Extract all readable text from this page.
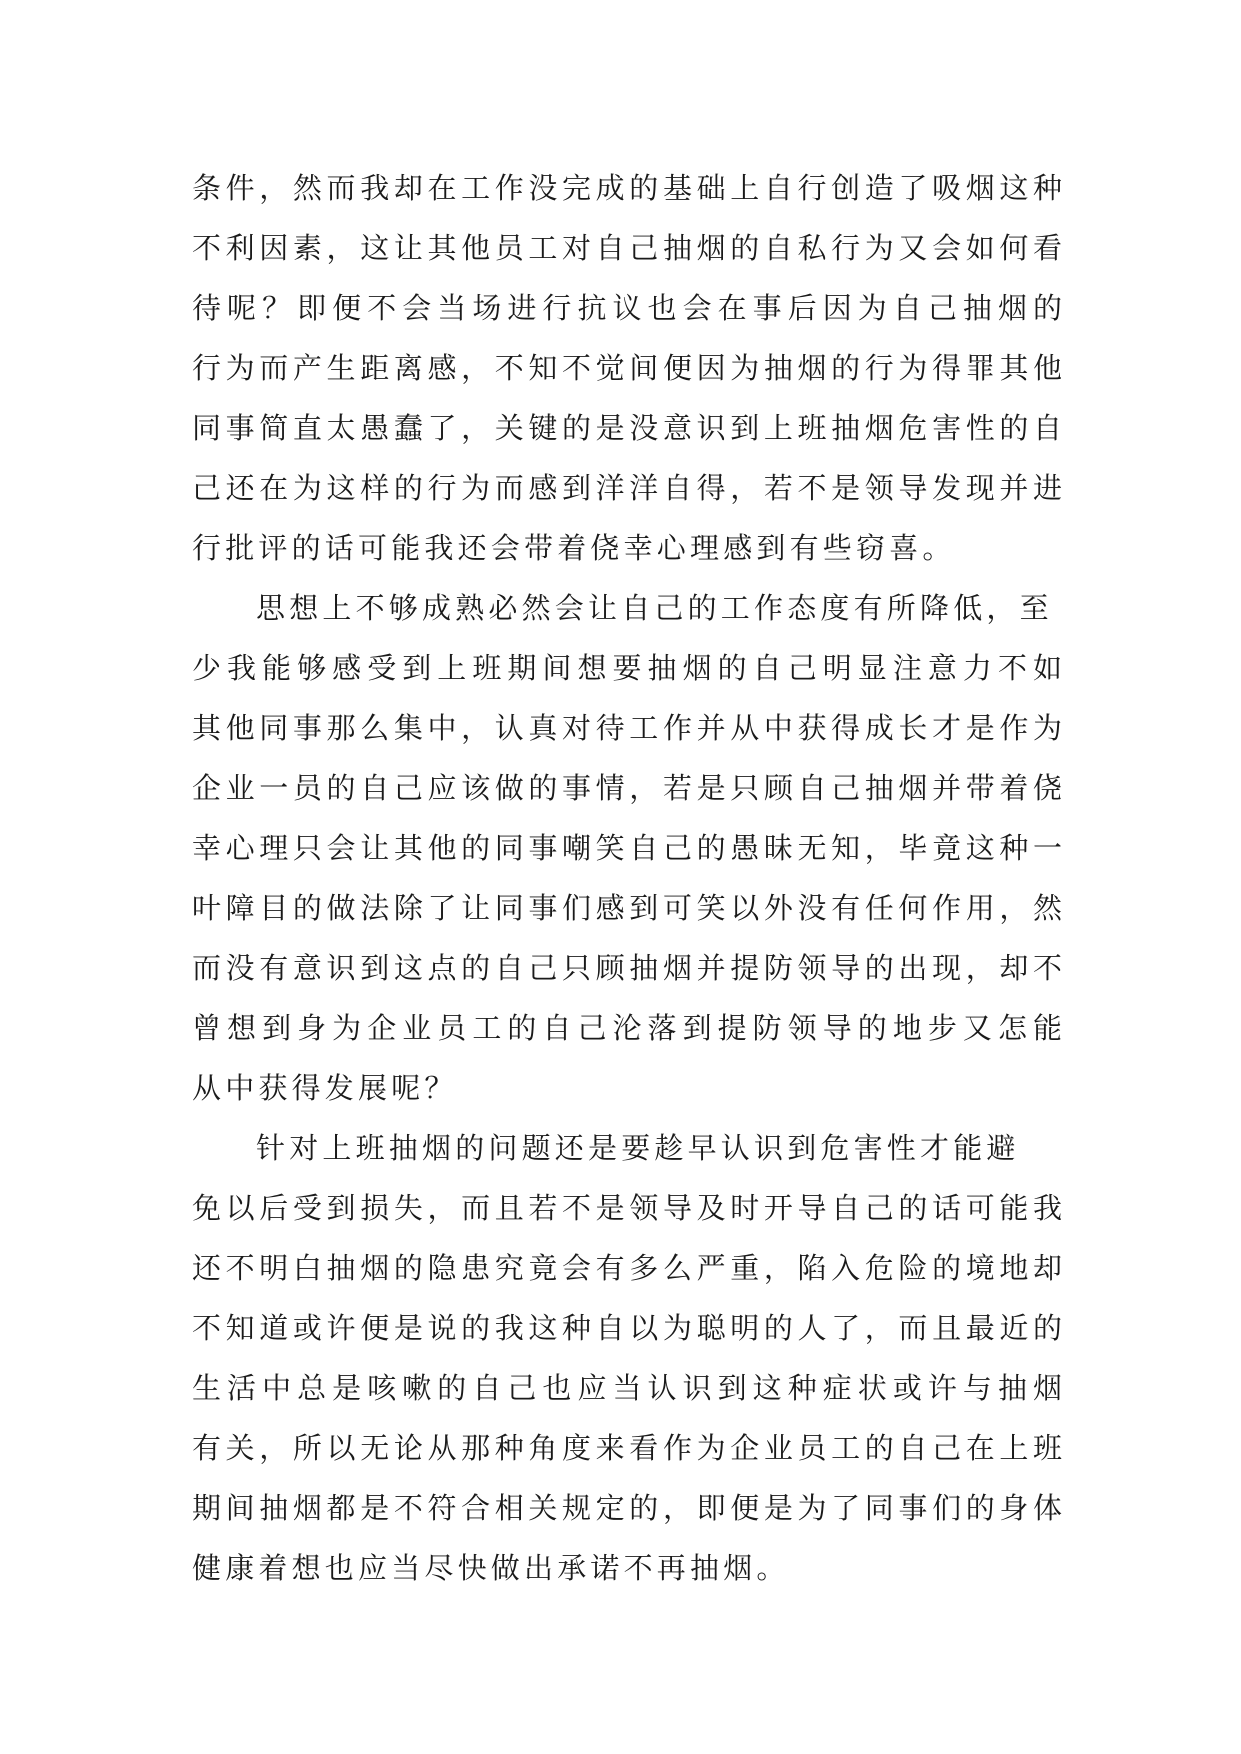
条件，然而我却在工作没完成的基础上自行创造了吸烟这种
不利因素，这让其他员工对自己抽烟的自私行为又会如何看
待呢？即便不会当场进行抗议也会在事后因为自己抽烟的
行为而产生距离感，不知不觉间便因为抽烟的行为得罪其他
同事简直太愚蠢了，关键的是没意识到上班抽烟危害性的自
己还在为这样的行为而感到洋洋自得，若不是领导发现并进
行批评的话可能我还会带着侥幸心理感到有些窃喜。
思想上不够成熟必然会让自己的工作态度有所降低，至
少我能够感受到上班期间想要抽烟的自己明显注意力不如
其他同事那么集中，认真对待工作并从中获得成长才是作为
企业一员的自己应该做的事情，若是只顾自己抽烟并带着侥
幸心理只会让其他的同事嘲笑自己的愚昧无知，毕竟这种一
叶障目的做法除了让同事们感到可笑以外没有任何作用，然
而没有意识到这点的自己只顾抽烟并提防领导的出现，却不
曾想到身为企业员工的自己沦落到提防领导的地步又怎能
从中获得发展呢？
针对上班抽烟的问题还是要趁早认识到危害性才能避
免以后受到损失，而且若不是领导及时开导自己的话可能我
还不明白抽烟的隐患究竟会有多么严重，陷入危险的境地却
不知道或许便是说的我这种自以为聪明的人了，而且最近的
生活中总是咳嗽的自己也应当认识到这种症状或许与抽烟
有关，所以无论从那种角度来看作为企业员工的自己在上班
期间抽烟都是不符合相关规定的，即便是为了同事们的身体
健康着想也应当尽快做出承诺不再抽烟。
